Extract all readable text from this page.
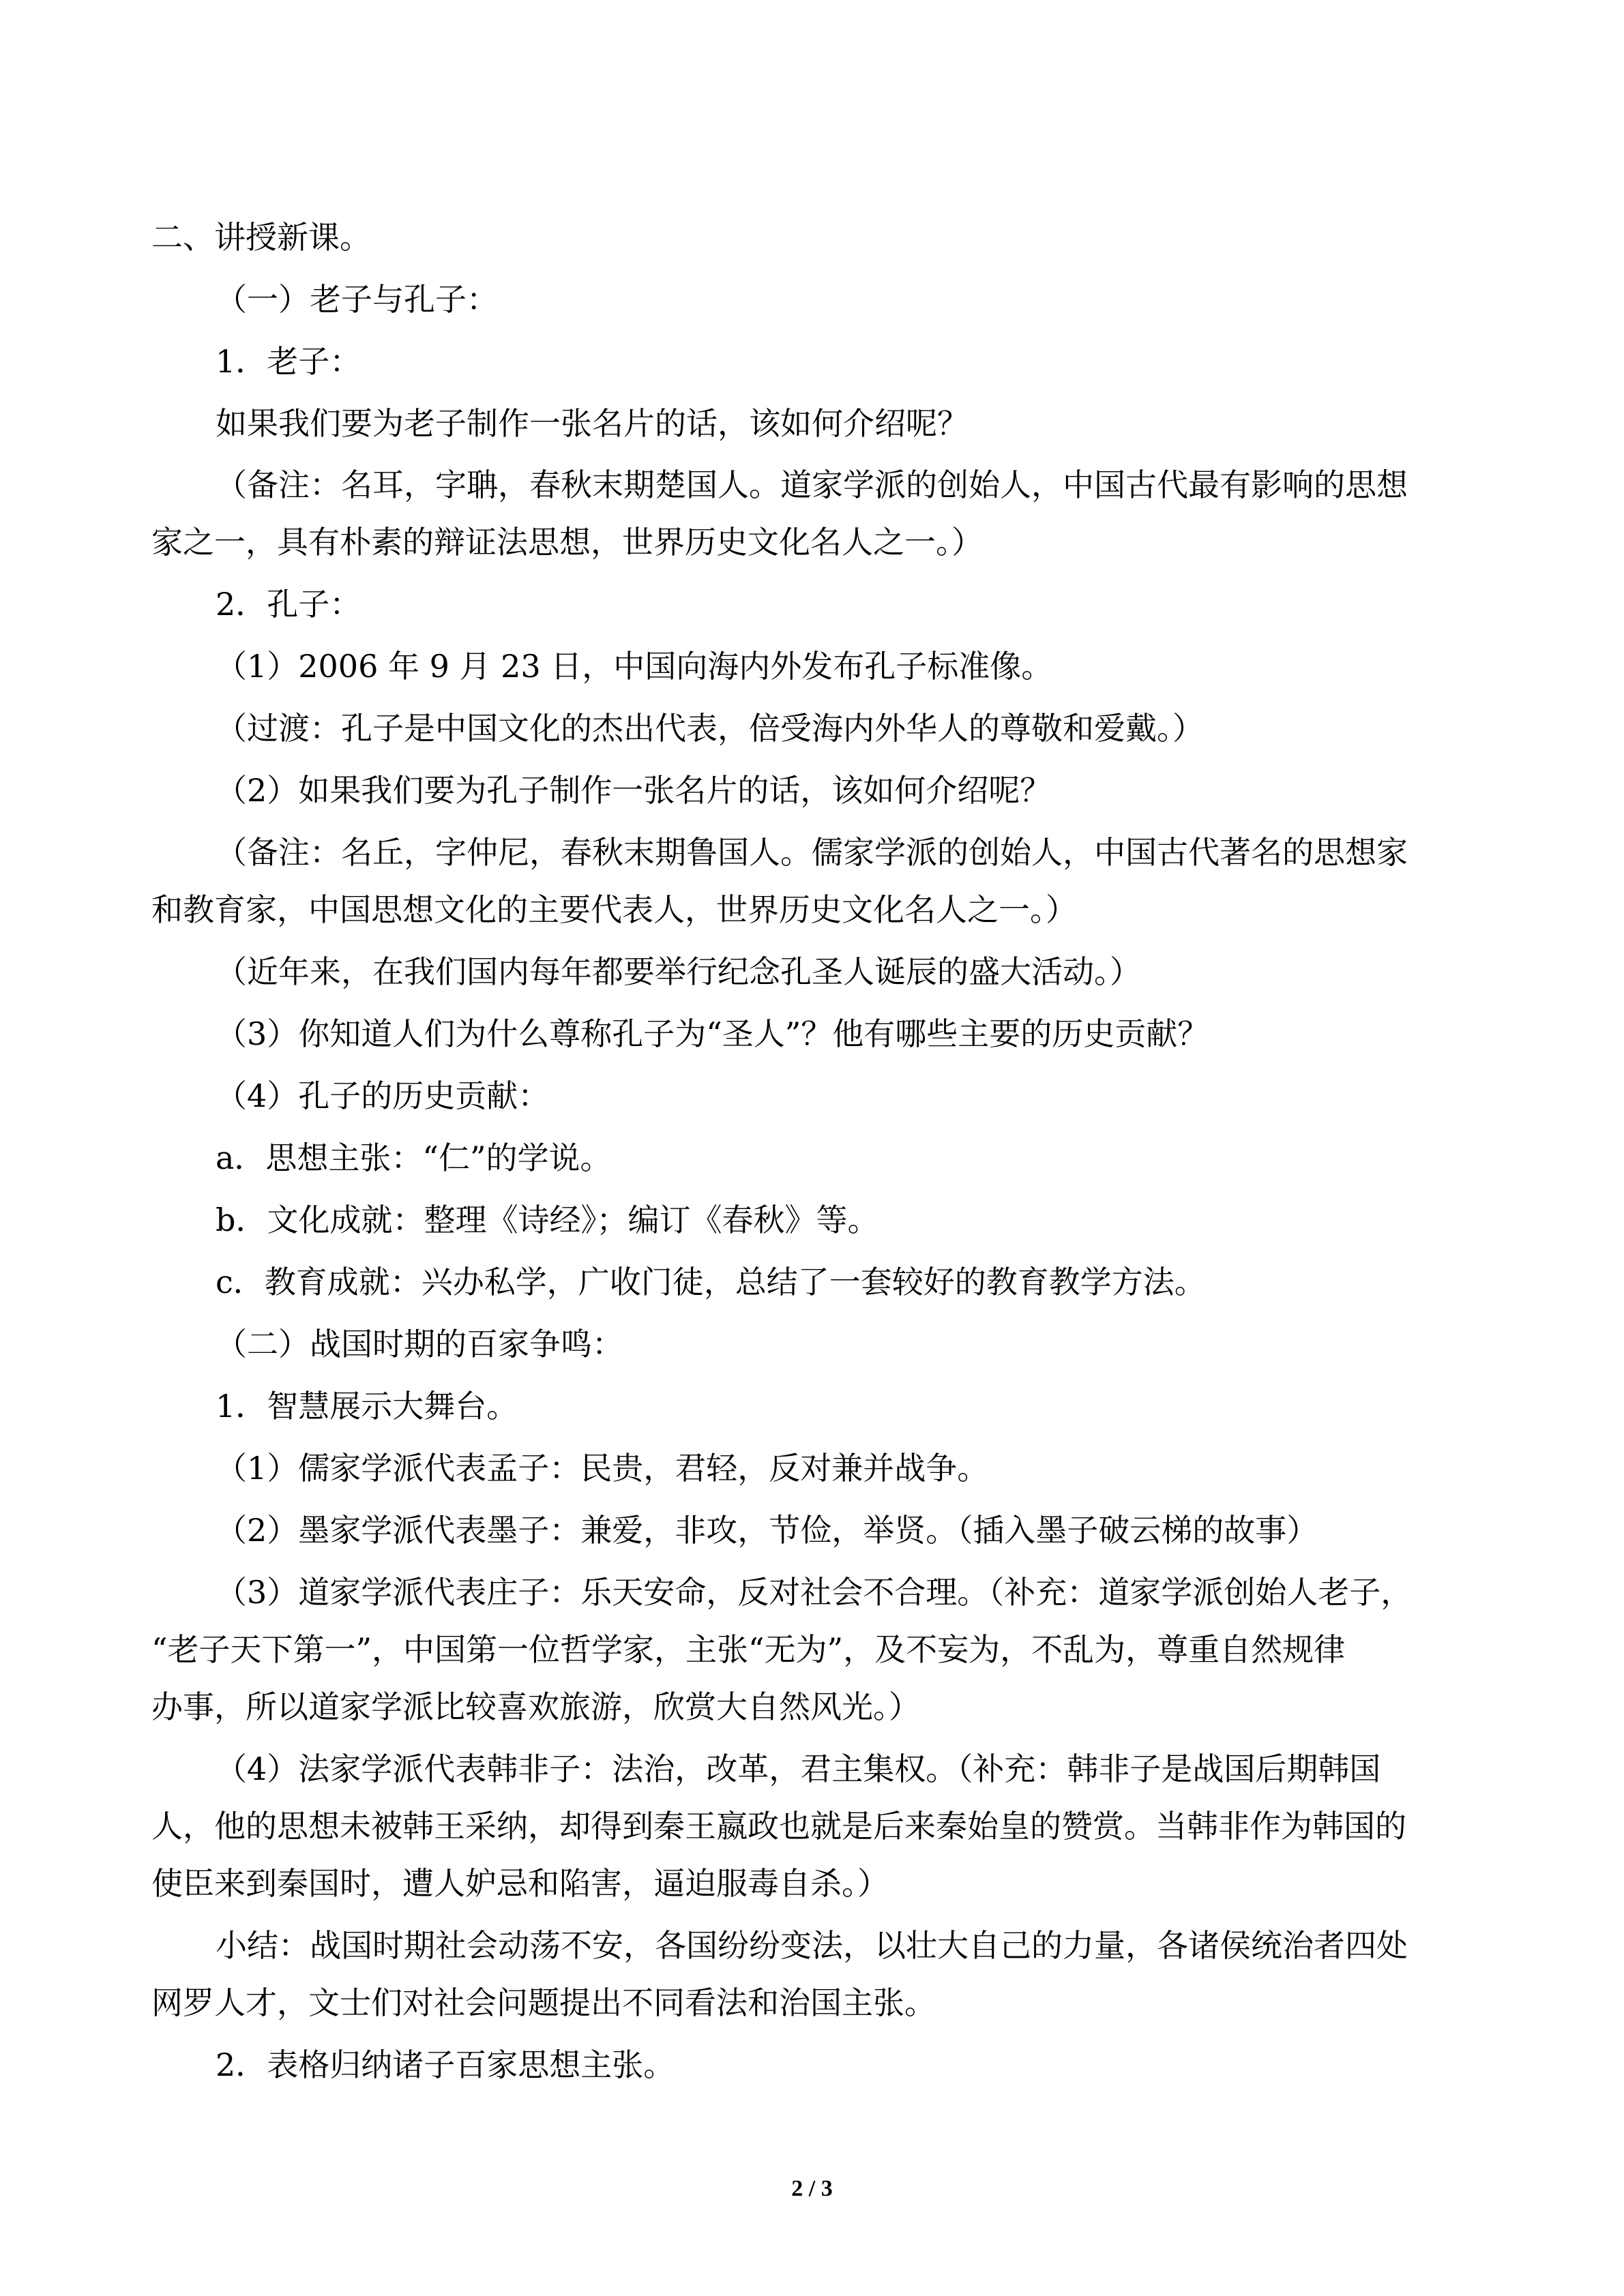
二、讲授新课。
（一）老子与孔子：
1．老子：
如果我们要为老子制作一张名片的话，该如何介绍呢？
（备注：名耳，字聃，春秋末期楚国人。道家学派的创始人，中国古代最有影响的思想
家之一，具有朴素的辩证法思想，世界历史文化名人之一。）
2．孔子：
（1）2006 年 9 月 23 日，中国向海内外发布孔子标准像。
（过渡：孔子是中国文化的杰出代表，倍受海内外华人的尊敬和爱戴。）
（2）如果我们要为孔子制作一张名片的话，该如何介绍呢？
（备注：名丘，字仲尼，春秋末期鲁国人。儒家学派的创始人，中国古代著名的思想家
和教育家，中国思想文化的主要代表人，世界历史文化名人之一。）
（近年来，在我们国内每年都要举行纪念孔圣人诞辰的盛大活动。）
（3）你知道人们为什么尊称孔子为“圣人”？他有哪些主要的历史贡献？
（4）孔子的历史贡献：
a．思想主张：“仁”的学说。
b．文化成就：整理《诗经》；编订《春秋》等。
c．教育成就：兴办私学，广收门徒，总结了一套较好的教育教学方法。
（二）战国时期的百家争鸣：
1．智慧展示大舞台。
（1）儒家学派代表孟子：民贵，君轻，反对兼并战争。
（2）墨家学派代表墨子：兼爱，非攻，节俭，举贤。（插入墨子破云梯的故事）
（3）道家学派代表庄子：乐天安命，反对社会不合理。（补充：道家学派创始人老子，
“老子天下第一”，中国第一位哲学家，主张“无为”，及不妄为，不乱为，尊重自然规律
办事，所以道家学派比较喜欢旅游，欣赏大自然风光。）
（4）法家学派代表韩非子：法治，改革，君主集权。（补充：韩非子是战国后期韩国
人，他的思想未被韩王采纳，却得到秦王嬴政也就是后来秦始皇的赞赏。当韩非作为韩国的
使臣来到秦国时，遭人妒忌和陷害，逼迫服毒自杀。）
小结：战国时期社会动荡不安，各国纷纷变法，以壮大自己的力量，各诸侯统治者四处
网罗人才，文士们对社会问题提出不同看法和治国主张。
2．表格归纳诸子百家思想主张。
2 / 3
